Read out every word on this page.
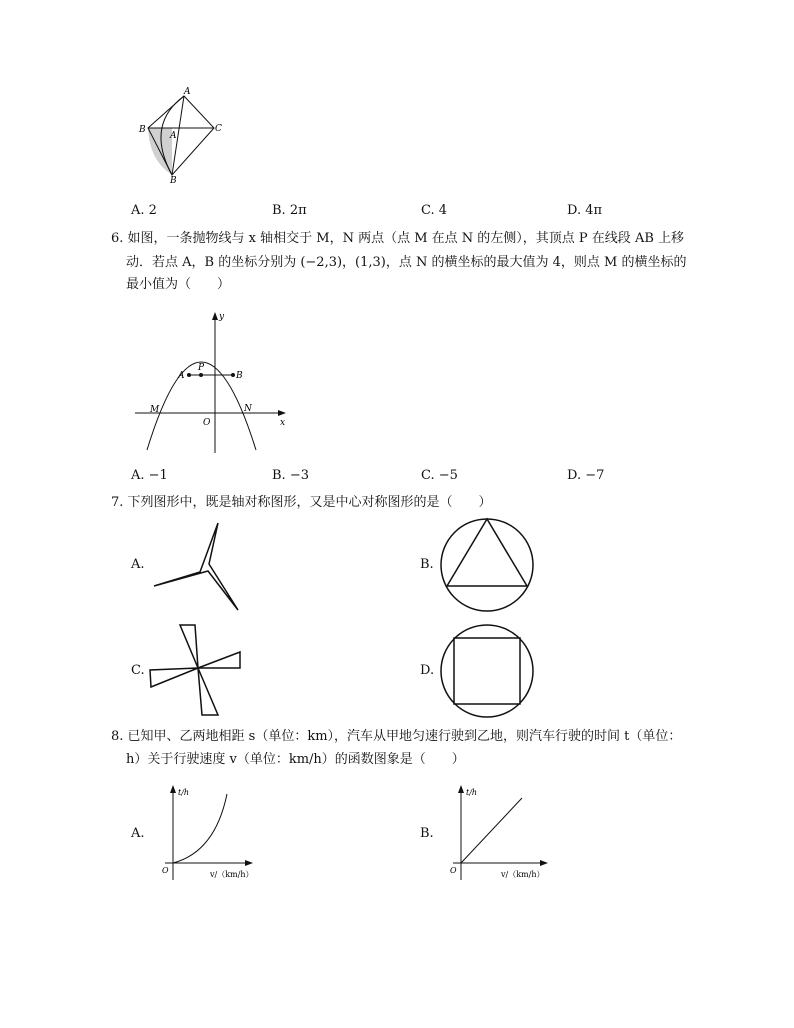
A
B
A
C
B
A. 2	B. 2π	C. 4	D. 4π
6. 如图，一条抛物线与 x 轴相交于 M，N 两点（点 M 在点 N 的左侧），其顶点 P 在线段 AB 上移
动．若点 A，B 的坐标分别为 (−2,3)，(1,3)，点 N 的横坐标的最大值为 4，则点 M 的横坐标的
最小值为（　　）
y
x
O
A
P
B
M	N
A. −1	B. −3	C. −5	D. −7
7. 下列图形中，既是轴对称图形，又是中心对称图形的是（　　）
A.	B.
C.	D.
8. 已知甲、乙两地相距 s（单位：km），汽车从甲地匀速行驶到乙地，则汽车行驶的时间 t（单位：
h）关于行驶速度 v（单位：km/h）的函数图象是（　　）
A.
t/h
v/（km/h）
O
B.
t/h
v/（km/h）
O
